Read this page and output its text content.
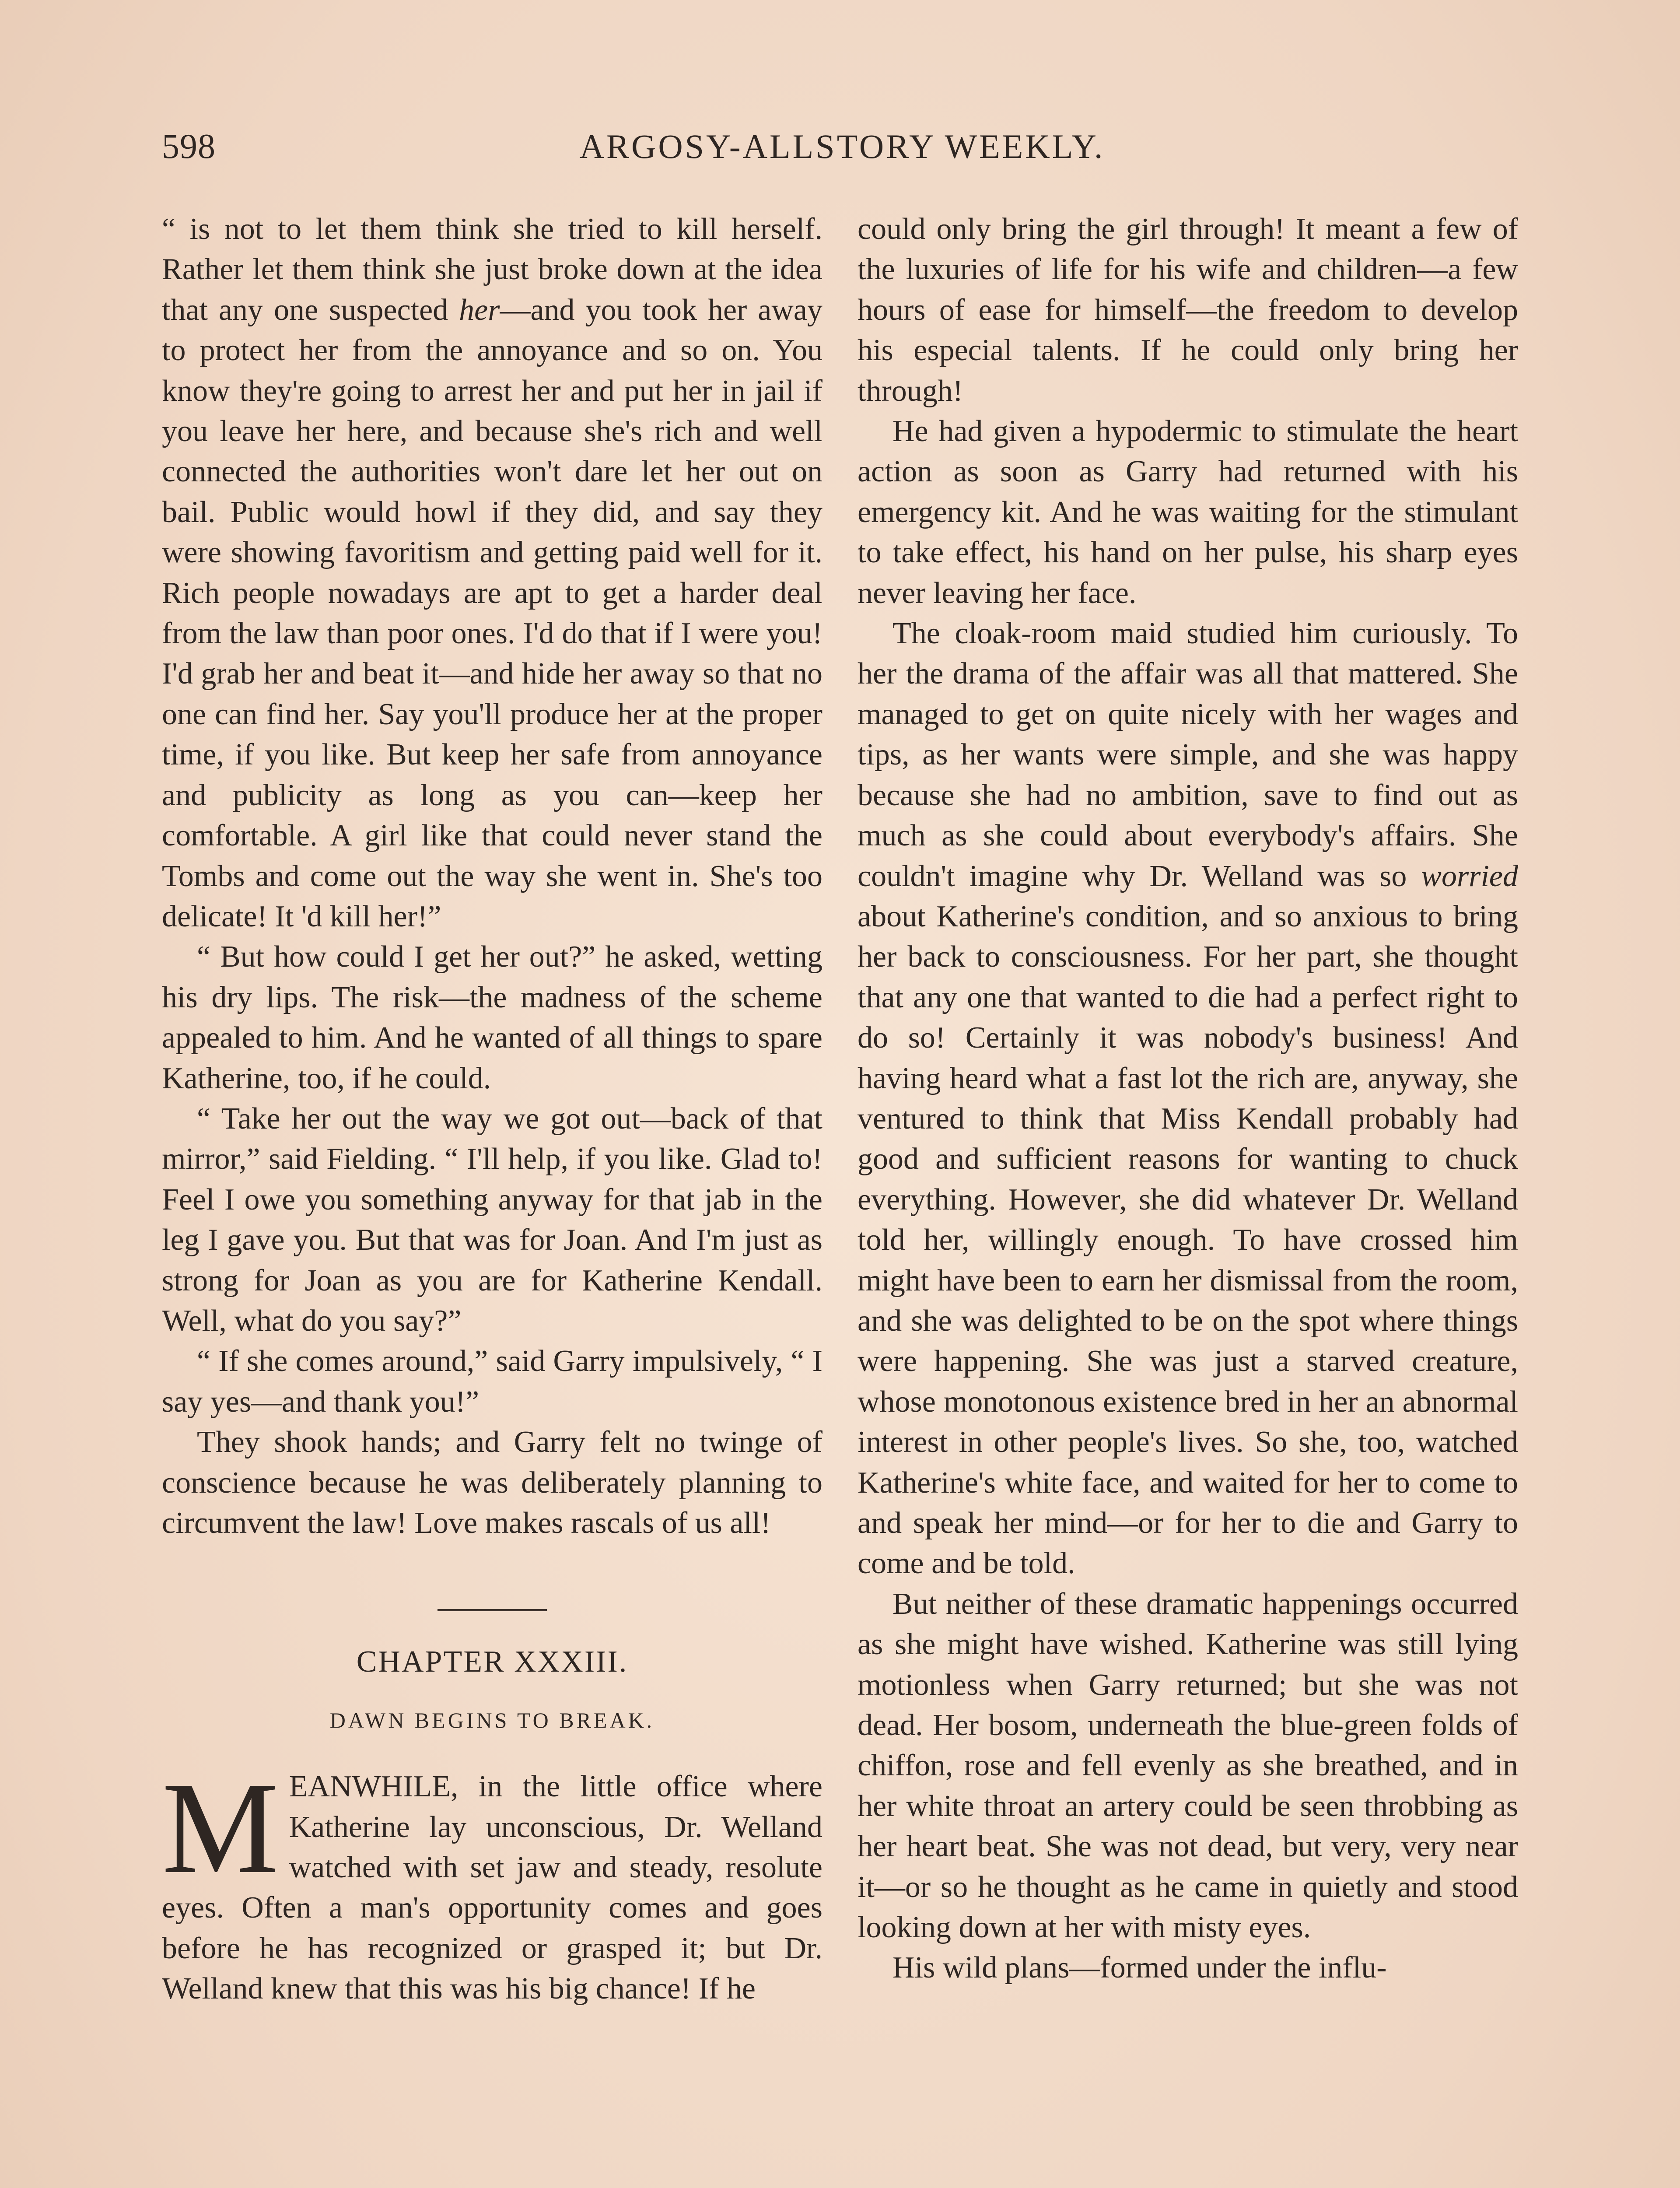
598	ARGOSY-ALLSTORY WEEKLY.

“ is not to let them think she tried to kill herself. Rather let them think she just broke down at the idea that any one suspected her—and you took her away to protect her from the annoyance and so on. You know they're going to arrest her and put her in jail if you leave her here, and because she's rich and well connected the authorities won't dare let her out on bail. Public would howl if they did, and say they were showing favoritism and getting paid well for it. Rich people nowadays are apt to get a harder deal from the law than poor ones. I'd do that if I were you! I'd grab her and beat it—and hide her away so that no one can find her. Say you'll produce her at the proper time, if you like. But keep her safe from annoyance and publicity as long as you can—keep her comfortable. A girl like that could never stand the Tombs and come out the way she went in. She's too delicate! It 'd kill her!”

“ But how could I get her out?” he asked, wetting his dry lips. The risk—the madness of the scheme appealed to him. And he wanted of all things to spare Katherine, too, if he could.

“ Take her out the way we got out—back of that mirror,” said Fielding. “ I'll help, if you like. Glad to! Feel I owe you something anyway for that jab in the leg I gave you. But that was for Joan. And I'm just as strong for Joan as you are for Katherine Kendall. Well, what do you say?”

“ If she comes around,” said Garry impulsively, “ I say yes—and thank you!”

They shook hands; and Garry felt no twinge of conscience because he was deliberately planning to circumvent the law! Love makes rascals of us all!

CHAPTER XXXIII.
DAWN BEGINS TO BREAK.

MEANWHILE, in the little office where Katherine lay unconscious, Dr. Welland watched with set jaw and steady, resolute eyes. Often a man's opportunity comes and goes before he has recognized or grasped it; but Dr. Welland knew that this was his big chance! If he

could only bring the girl through! It meant a few of the luxuries of life for his wife and children—a few hours of ease for himself—the freedom to develop his especial talents. If he could only bring her through!

He had given a hypodermic to stimulate the heart action as soon as Garry had returned with his emergency kit. And he was waiting for the stimulant to take effect, his hand on her pulse, his sharp eyes never leaving her face.

The cloak-room maid studied him curiously. To her the drama of the affair was all that mattered. She managed to get on quite nicely with her wages and tips, as her wants were simple, and she was happy because she had no ambition, save to find out as much as she could about everybody's affairs. She couldn't imagine why Dr. Welland was so worried about Katherine's condition, and so anxious to bring her back to consciousness. For her part, she thought that any one that wanted to die had a perfect right to do so! Certainly it was nobody's business! And having heard what a fast lot the rich are, anyway, she ventured to think that Miss Kendall probably had good and sufficient reasons for wanting to chuck everything. However, she did whatever Dr. Welland told her, willingly enough. To have crossed him might have been to earn her dismissal from the room, and she was delighted to be on the spot where things were happening. She was just a starved creature, whose monotonous existence bred in her an abnormal interest in other people's lives. So she, too, watched Katherine's white face, and waited for her to come to and speak her mind—or for her to die and Garry to come and be told.

But neither of these dramatic happenings occurred as she might have wished. Katherine was still lying motionless when Garry returned; but she was not dead. Her bosom, underneath the blue-green folds of chiffon, rose and fell evenly as she breathed, and in her white throat an artery could be seen throbbing as her heart beat. She was not dead, but very, very near it—or so he thought as he came in quietly and stood looking down at her with misty eyes.

His wild plans—formed under the influ-
